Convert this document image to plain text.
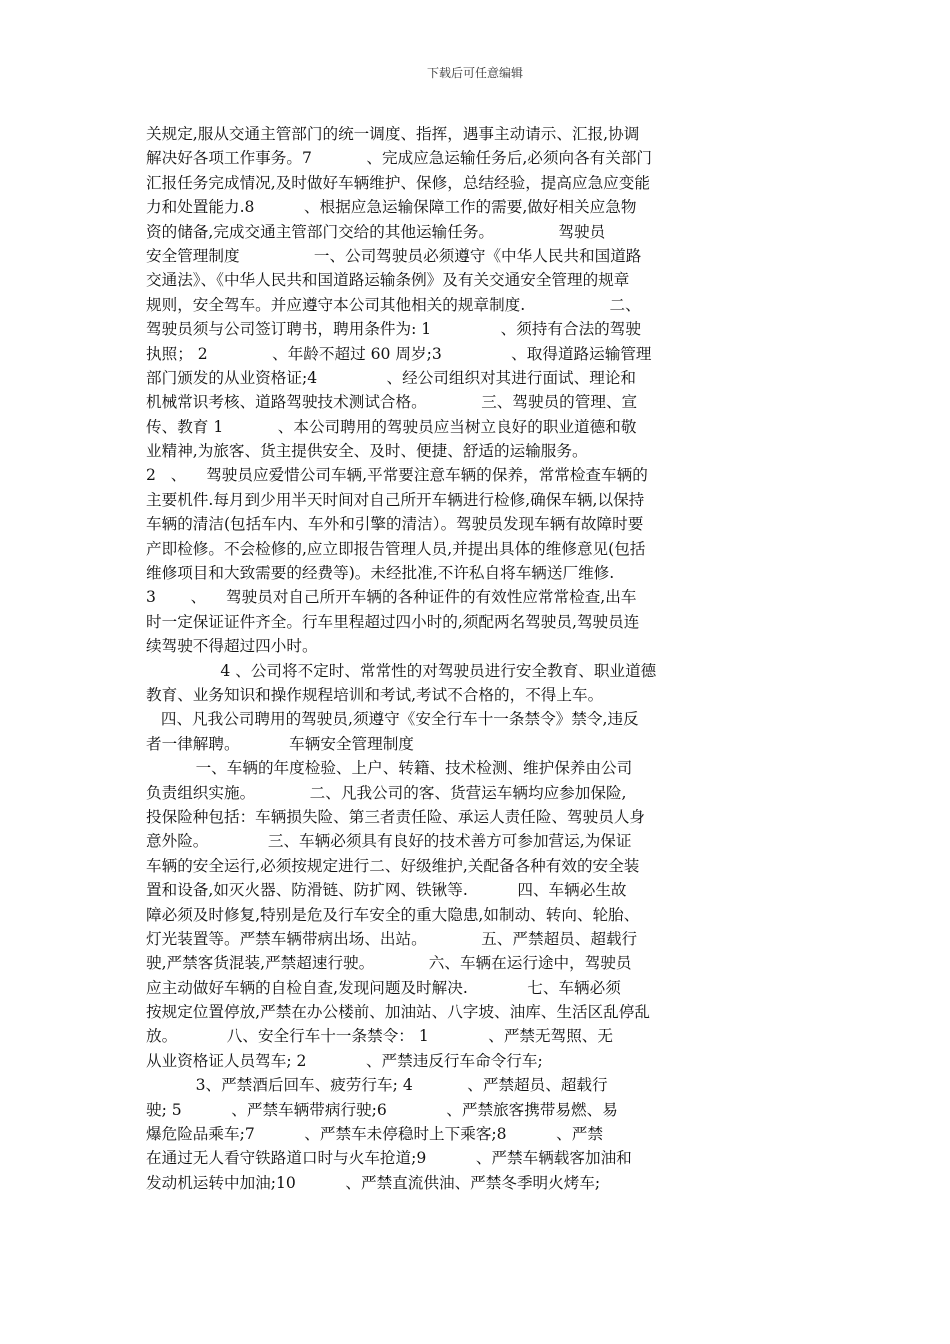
下载后可任意编辑
关规定,服从交通主管部门的统一调度、指挥，遇事主动请示、汇报,协调
解决好各项工作事务。7           ﻿、完成应急运输任务后,必须向各有关部门
汇报任务完成情况,及时做好车辆维护、保修，总结经验，提高应急应变能
力和处置能力.8          ﻿、根据应急运输保障工作的需要,做好相关应急物
资的储备,完成交通主管部门交给的其他运输任务。﻿﻿   ﻿﻿          驾驶员
安全管理制度 ﻿﻿              一、公司驾驶员必须遵守《中华人民共和国道路
交通法》、《中华人民共和国道路运输条例》及有关交通安全管理的规章
规则，安全驾车。并应遵守本公司其他相关的规章制度.   ﻿              二、
驾驶员须与公司签订聘书，聘用条件为: 1              ﻿、须持有合法的驾驶
执照； 2             ﻿、年龄不超过 60 周岁;3              ﻿、取得道路运输管理
部门颁发的从业资格证;4              ﻿、经公司组织对其进行面试、理论和
机械常识考核、道路驾驶技术测试合格。﻿           三、驾驶员的管理、宣
传、教育 1           ﻿、本公司聘用的驾驶员应当树立良好的职业道德和敬
业精神,为旅客、货主提供安全、及时、便捷、舒适的运输服务。         ﻿
2   、    驾驶员应爱惜公司车辆,平常要注意车辆的保养，常常检查车辆的
主要机件.每月到少用半天时间对自己所开车辆进行检修,确保车辆,以保持
车辆的清洁(包括车内、车外和引擎的清洁）。驾驶员发现车辆有故障时要
产即检修。不会检修的,应立即报告管理人员,并提出具体的维修意见(包括
维修项目和大致需要的经费等)。未经批准,不许私自将车辆送厂维修.     ﻿
3       、    驾驶员对自己所开车辆的各种证件的有效性应常常检查,出车
时一定保证证件齐全。行车里程超过四小时的,须配两名驾驶员,驾驶员连
续驾驶不得超过四小时。
4 、公司将不定时、常常性的对驾驶员进行安全教育、职业道德
教育、业务知识和操作规程培训和考试,考试不合格的，不得上车。﻿
四、凡我公司聘用的驾驶员,须遵守《安全行车十一条禁令》禁令,违反
者一律解聘。﻿﻿  ﻿﻿        车辆安全管理制度
﻿          一、车辆的年度检验、上户、转籍、技术检测、维护保养由公司
负责组织实施。﻿           二、凡我公司的客、货营运车辆均应参加保险,
投保险种包括：车辆损失险、第三者责任险、承运人责任险、驾驶员人身
意外险。﻿            三、车辆必须具有良好的技术善方可参加营运,为保证
车辆的安全运行,必须按规定进行二、好级维护,关配备各种有效的安全装
置和设备,如灭火器、防滑链、防扩网、铁锹等.﻿          四、车辆必生故
障必须及时修复,特别是危及行车安全的重大隐患,如制动、转向、轮胎、
灯光装置等。严禁车辆带病出场、出站。﻿           五、严禁超员、超载行
驶,严禁客货混装,严禁超速行驶。﻿           六、车辆在运行途中，驾驶员
应主动做好车辆的自检自查,发现问题及时解决.  ﻿          七、车辆必须
按规定位置停放,严禁在办公楼前、加油站、八字坡、油库、生活区乱停乱
放。﻿          八、安全行车十一条禁令： 1            ﻿、严禁无驾照、无
从业资格证人员驾车; 2            ﻿、严禁违反行车命令行车;
3、严禁酒后回车、疲劳行车; 4           ﻿、严禁超员、超载行
驶; 5          ﻿、严禁车辆带病行驶;6            ﻿、严禁旅客携带易燃、易
爆危险品乘车;7          ﻿、严禁车未停稳时上下乘客;8          ﻿、严禁
在通过无人看守铁路道口时与火车抢道;9          ﻿、严禁车辆载客加油和
发动机运转中加油;10          ﻿、严禁直流供油、严禁冬季明火烤车;    ﻿
